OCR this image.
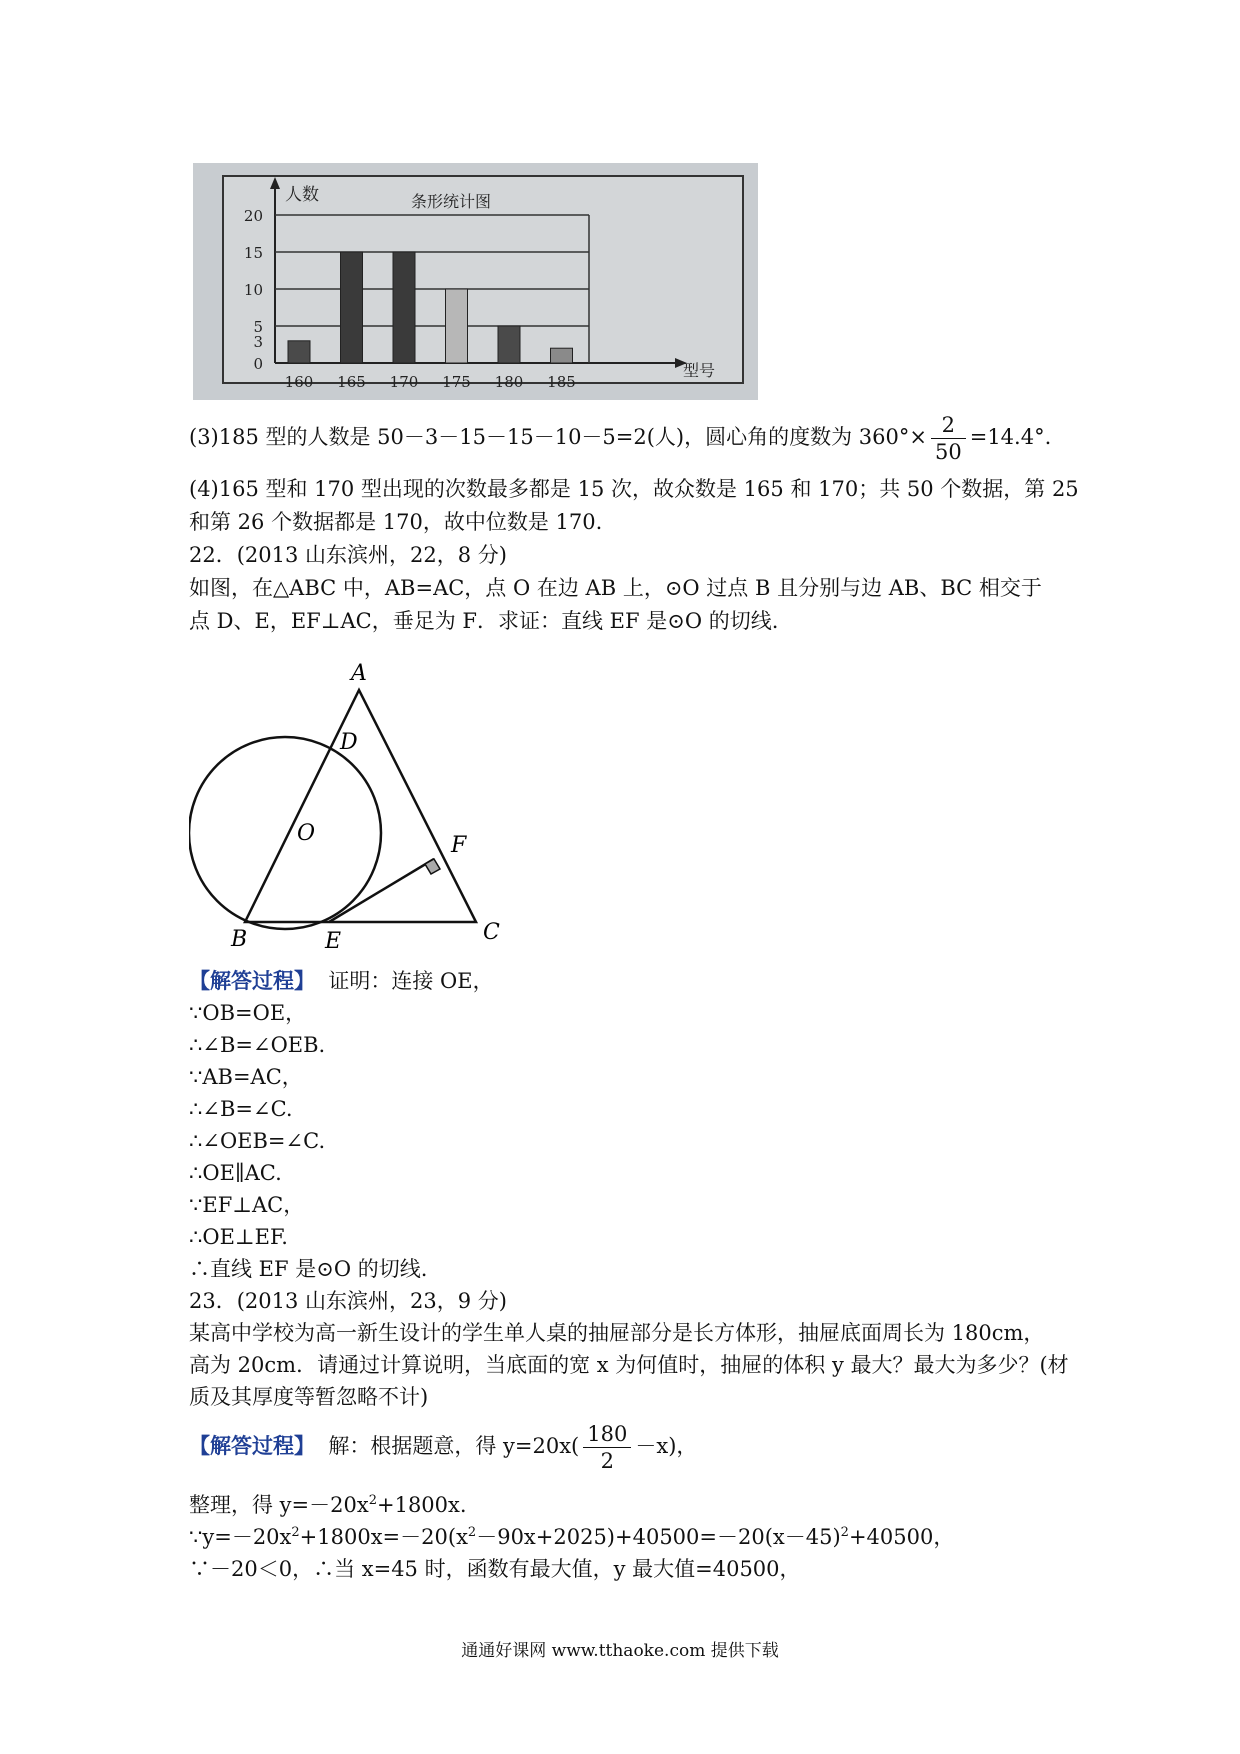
0
3
5
10
15
20
160 165 170 175 180 185
人数	条形统计图
型号
(3)185 型的人数是 50－3－15－15－10－5=2(人)，圆心角的度数为 $360^\circ\times \frac{2}{50} =14.4^\circ$.
(4)165 型和 170 型出现的次数最多都是 15 次，故众数是 165 和 170；共 50 个数据，第 25
和第 26 个数据都是 170，故中位数是 170.
22．(2013 山东滨州，22，8 分)
如图，在△ABC 中，AB=AC，点 O 在边 AB 上，⊙O 过点 B 且分别与边 AB、BC 相交于
点 D、E，EF⊥AC，垂足为 F．求证：直线 EF 是⊙O 的切线.
A
D
O	F
B	E	C
【解答过程】 证明：连接 OE，
∵OB=OE，
∴∠B=∠OEB.
∵AB=AC，
∴∠B=∠C.
∴∠OEB=∠C.
∴OE∥AC.
∵EF⊥AC，
∴OE⊥EF.
∴直线 EF 是⊙O 的切线.
23．(2013 山东滨州，23，9 分)
某高中学校为高一新生设计的学生单人桌的抽屉部分是长方体形，抽屉底面周长为 180cm，
高为 20cm．请通过计算说明，当底面的宽 x 为何值时，抽屉的体积 y 最大？最大为多少？(材
质及其厚度等暂忽略不计)
【解答过程】 解：根据题意，得 $y=20x( \frac{180}{2} -x)$，
整理，得 $y=-20x^2+1800x$.
$\because y=-20x^2+1800x=-20(x^2-90x+2025)+40500=-20(x-45)^2+40500$，
∵－20＜0，∴当 x=45 时，函数有最大值，y 最大值=40500，
通通好课网 www.tthaoke.com 提供下载
